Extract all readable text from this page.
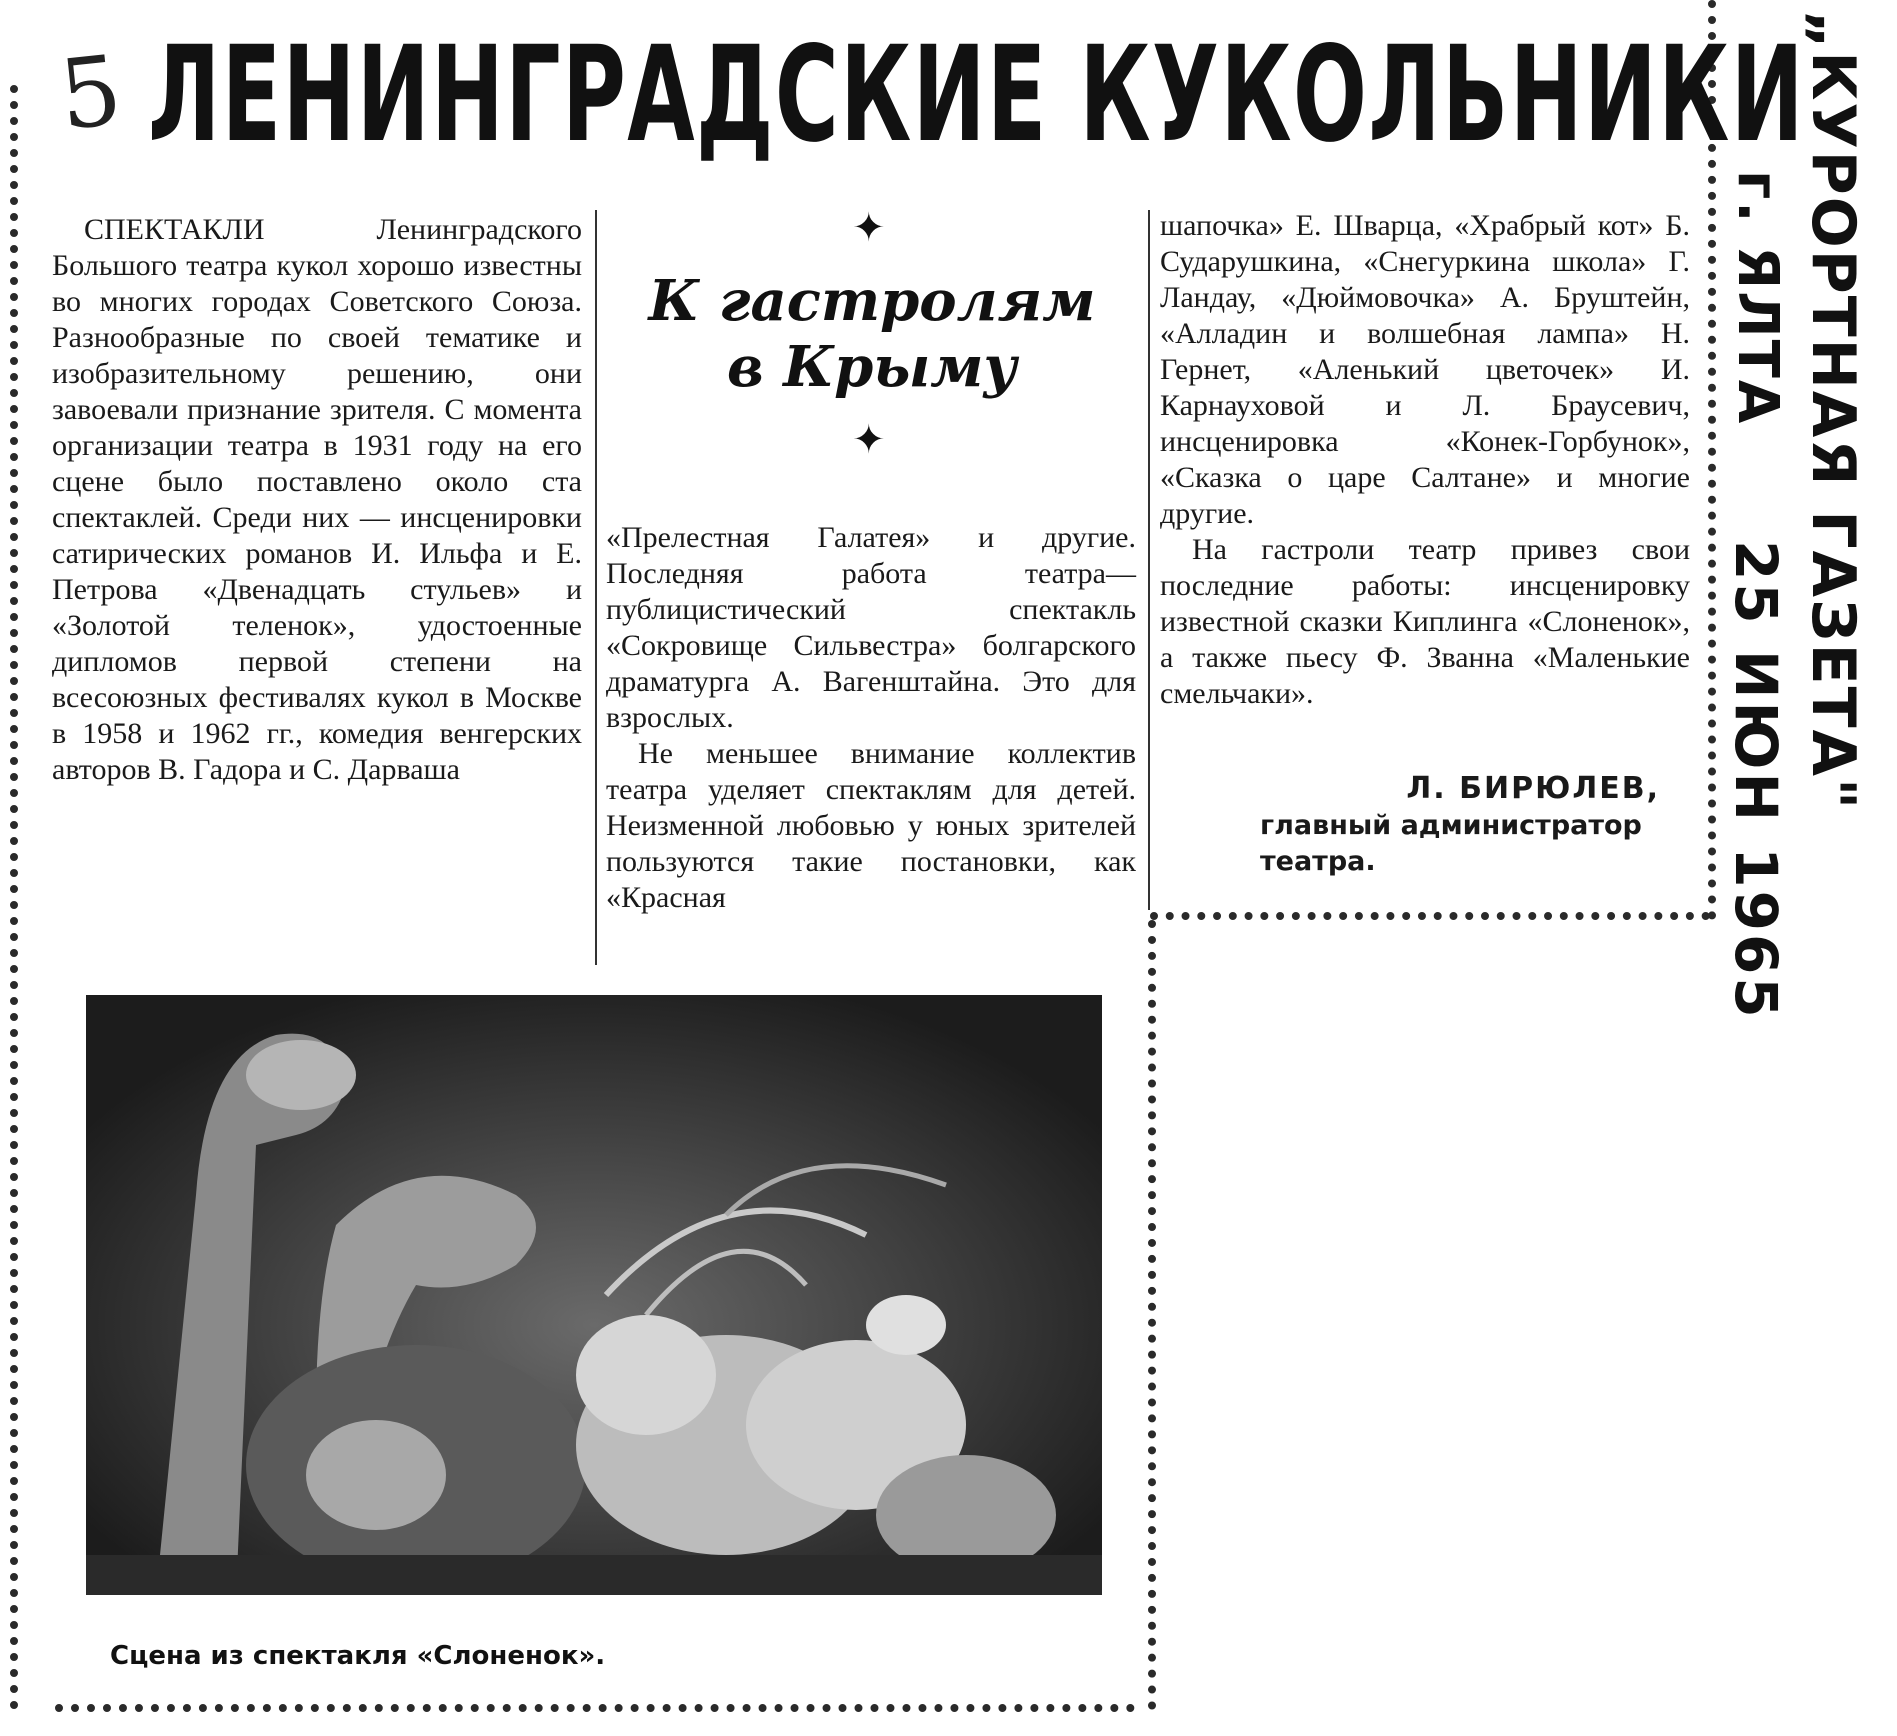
5 ЛЕНИНГРАДСКИЕ КУКОЛЬНИКИ

СПЕКТАКЛИ Ленинградского Большого театра кукол хорошо известны во многих городах Советского Союза. Разнообразные по своей тематике и изобразительному решению, они завоевали признание зрителя. С момента организации театра в 1931 году на его сцене было поставлено около ста спектаклей. Среди них — инсценировки сатирических романов И. Ильфа и Е. Петрова «Двенадцать стульев» и «Золотой теленок», удостоенные дипломов первой степени на всесоюзных фестивалях кукол в Москве в 1958 и 1962 гг., комедия венгерских авторов В. Гадора и С. Дарваша

✦
К гастролям
в Крыму
✦

«Прелестная Галатея» и другие. Последняя работа театра— публицистический спектакль «Сокровище Сильвестра» болгарского драматурга А. Вагенштайна. Это для взрослых.

Не меньшее внимание коллектив театра уделяет спектаклям для детей. Неизменной любовью у юных зрителей пользуются такие постановки, как «Красная

шапочка» Е. Шварца, «Храбрый кот» Б. Сударушкина, «Снегуркина школа» Г. Ландау, «Дюймовочка» А. Бруштейн, «Алладин и волшебная лампа» Н. Гернет, «Аленький цветочек» И. Карнауховой и Л. Браусевич, инсценировка «Конек-Горбунок», «Сказка о царе Салтане» и многие другие.

На гастроли театр привез свои последние работы: инсценировку известной сказки Киплинга «Слоненок», а также пьесу Ф. Званна «Маленькие смельчаки».

Л. БИРЮЛЕВ,
главный администратор театра.
Сцена из спектакля «Слоненок».
„КУРОРТНАЯ ГАЗЕТА"
г. ЯЛТА
25 ИЮН 1965
